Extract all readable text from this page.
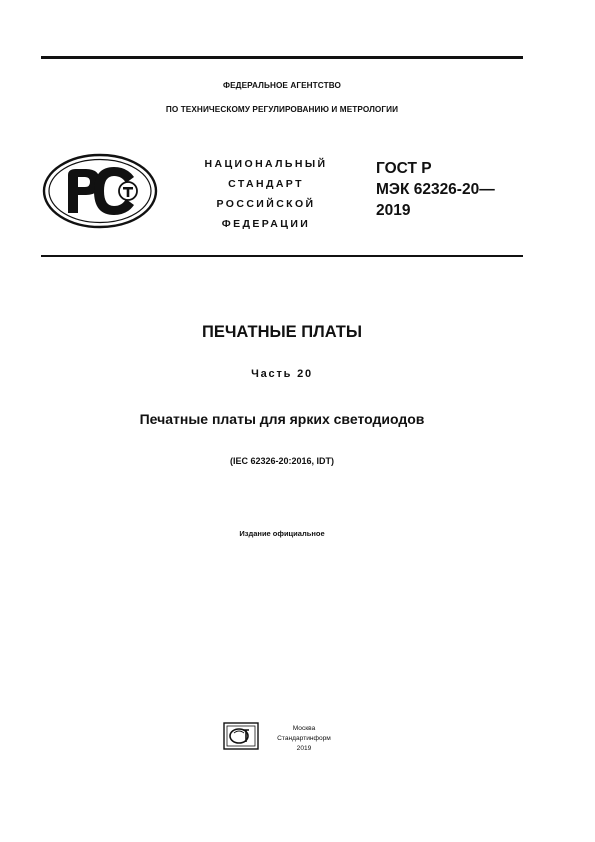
ФЕДЕРАЛЬНОЕ АГЕНТСТВО
ПО ТЕХНИЧЕСКОМУ РЕГУЛИРОВАНИЮ И МЕТРОЛОГИИ
НАЦИОНАЛЬНЫЙ
СТАНДАРТ
РОССИЙСКОЙ
ФЕДЕРАЦИИ
ГОСТ Р
МЭК 62326-20—
2019
ПЕЧАТНЫЕ ПЛАТЫ
Часть 20
Печатные платы для ярких светодиодов
(IEC 62326-20:2016, IDT)
Издание официальное
Москва
Стандартинформ
2019
